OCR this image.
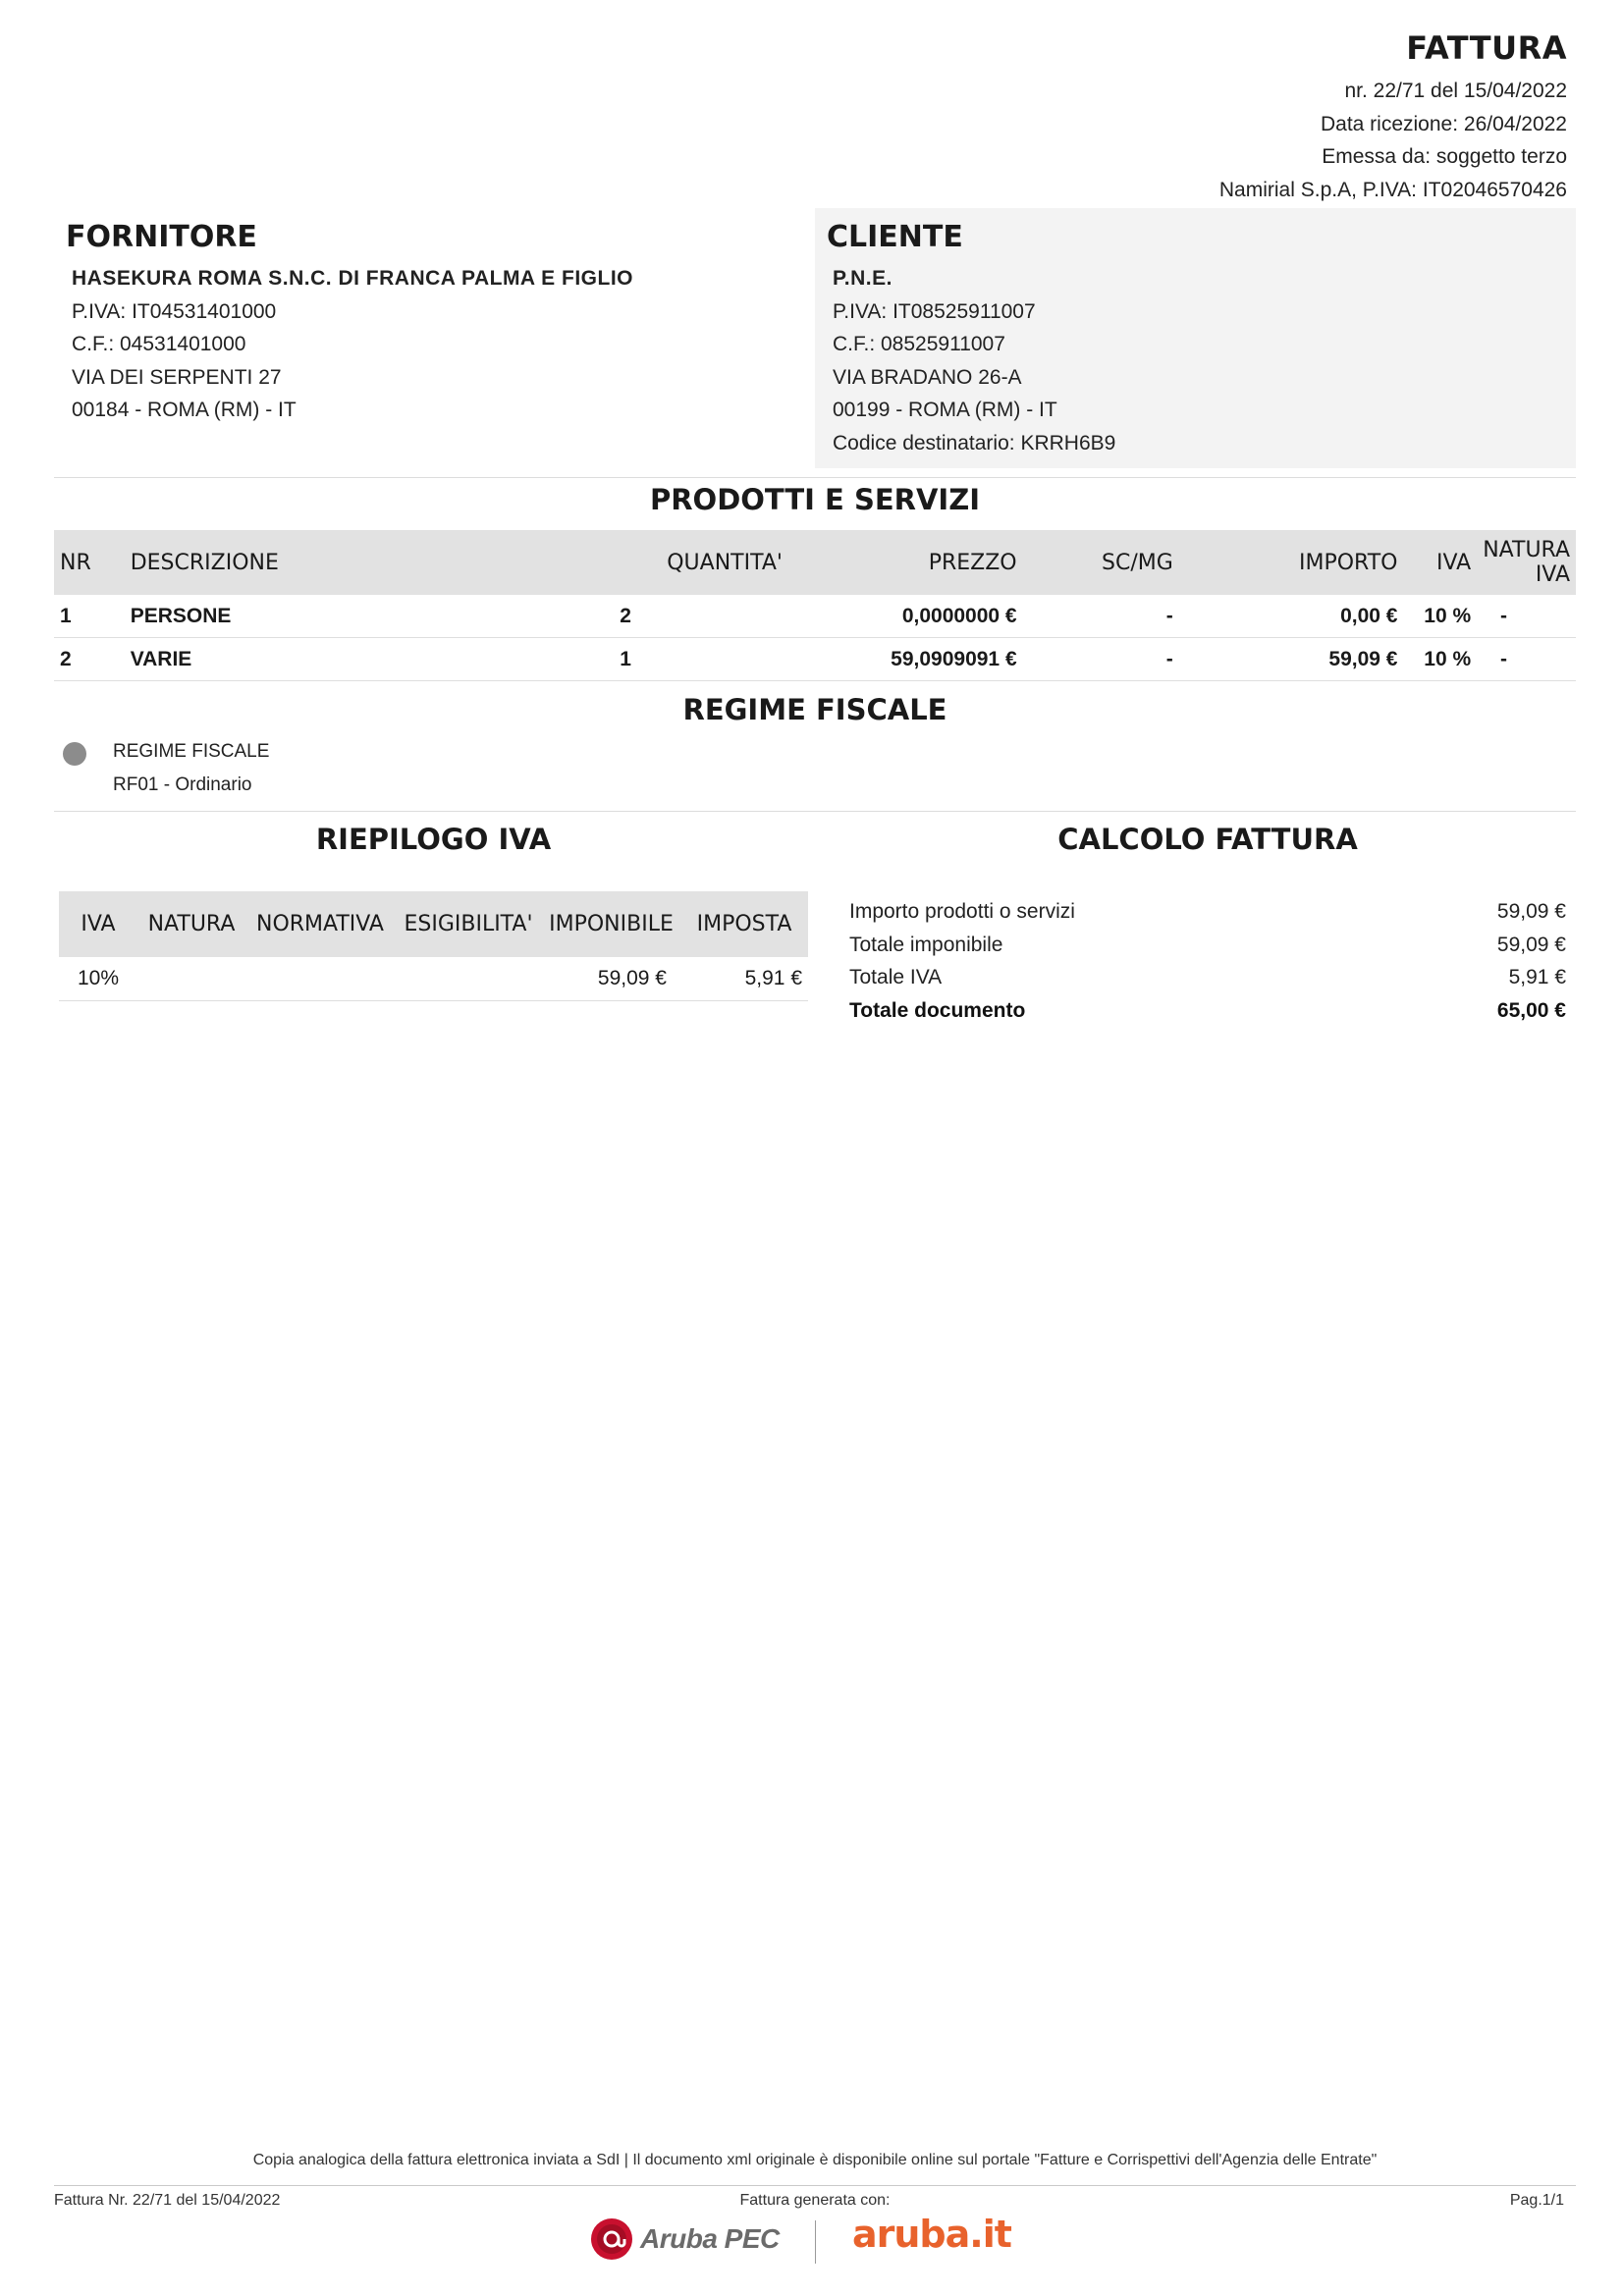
FATTURA
nr. 22/71 del 15/04/2022
Data ricezione: 26/04/2022
Emessa da: soggetto terzo
Namirial S.p.A, P.IVA: IT02046570426
FORNITORE
HASEKURA ROMA S.N.C. DI FRANCA PALMA E FIGLIO
P.IVA: IT04531401000
C.F.: 04531401000
VIA DEI SERPENTI 27
00184 - ROMA (RM) - IT
CLIENTE
P.N.E.
P.IVA: IT08525911007
C.F.: 08525911007
VIA BRADANO 26-A
00199 - ROMA (RM) - IT
Codice destinatario: KRRH6B9
PRODOTTI E SERVIZI
NR	DESCRIZIONE	QUANTITA'	PREZZO	SC/MG	IMPORTO	IVA	NATURA IVA
1	PERSONE	2	0,0000000 €	-	0,00 €	10 %	-
2	VARIE	1	59,0909091 €	-	59,09 €	10 %	-
REGIME FISCALE
REGIME FISCALE
RF01 - Ordinario
RIEPILOGO IVA
IVA	NATURA	NORMATIVA	ESIGIBILITA'	IMPONIBILE	IMPOSTA
10%				59,09 €	5,91 €
CALCOLO FATTURA
Importo prodotti o servizi	59,09 €
Totale imponibile	59,09 €
Totale IVA	5,91 €
Totale documento	65,00 €
Copia analogica della fattura elettronica inviata a SdI | Il documento xml originale è disponibile online sul portale "Fatture e Corrispettivi dell'Agenzia delle Entrate"
Fattura Nr. 22/71 del 15/04/2022	Fattura generata con:	Pag.1/1
Aruba PEC aruba.it
